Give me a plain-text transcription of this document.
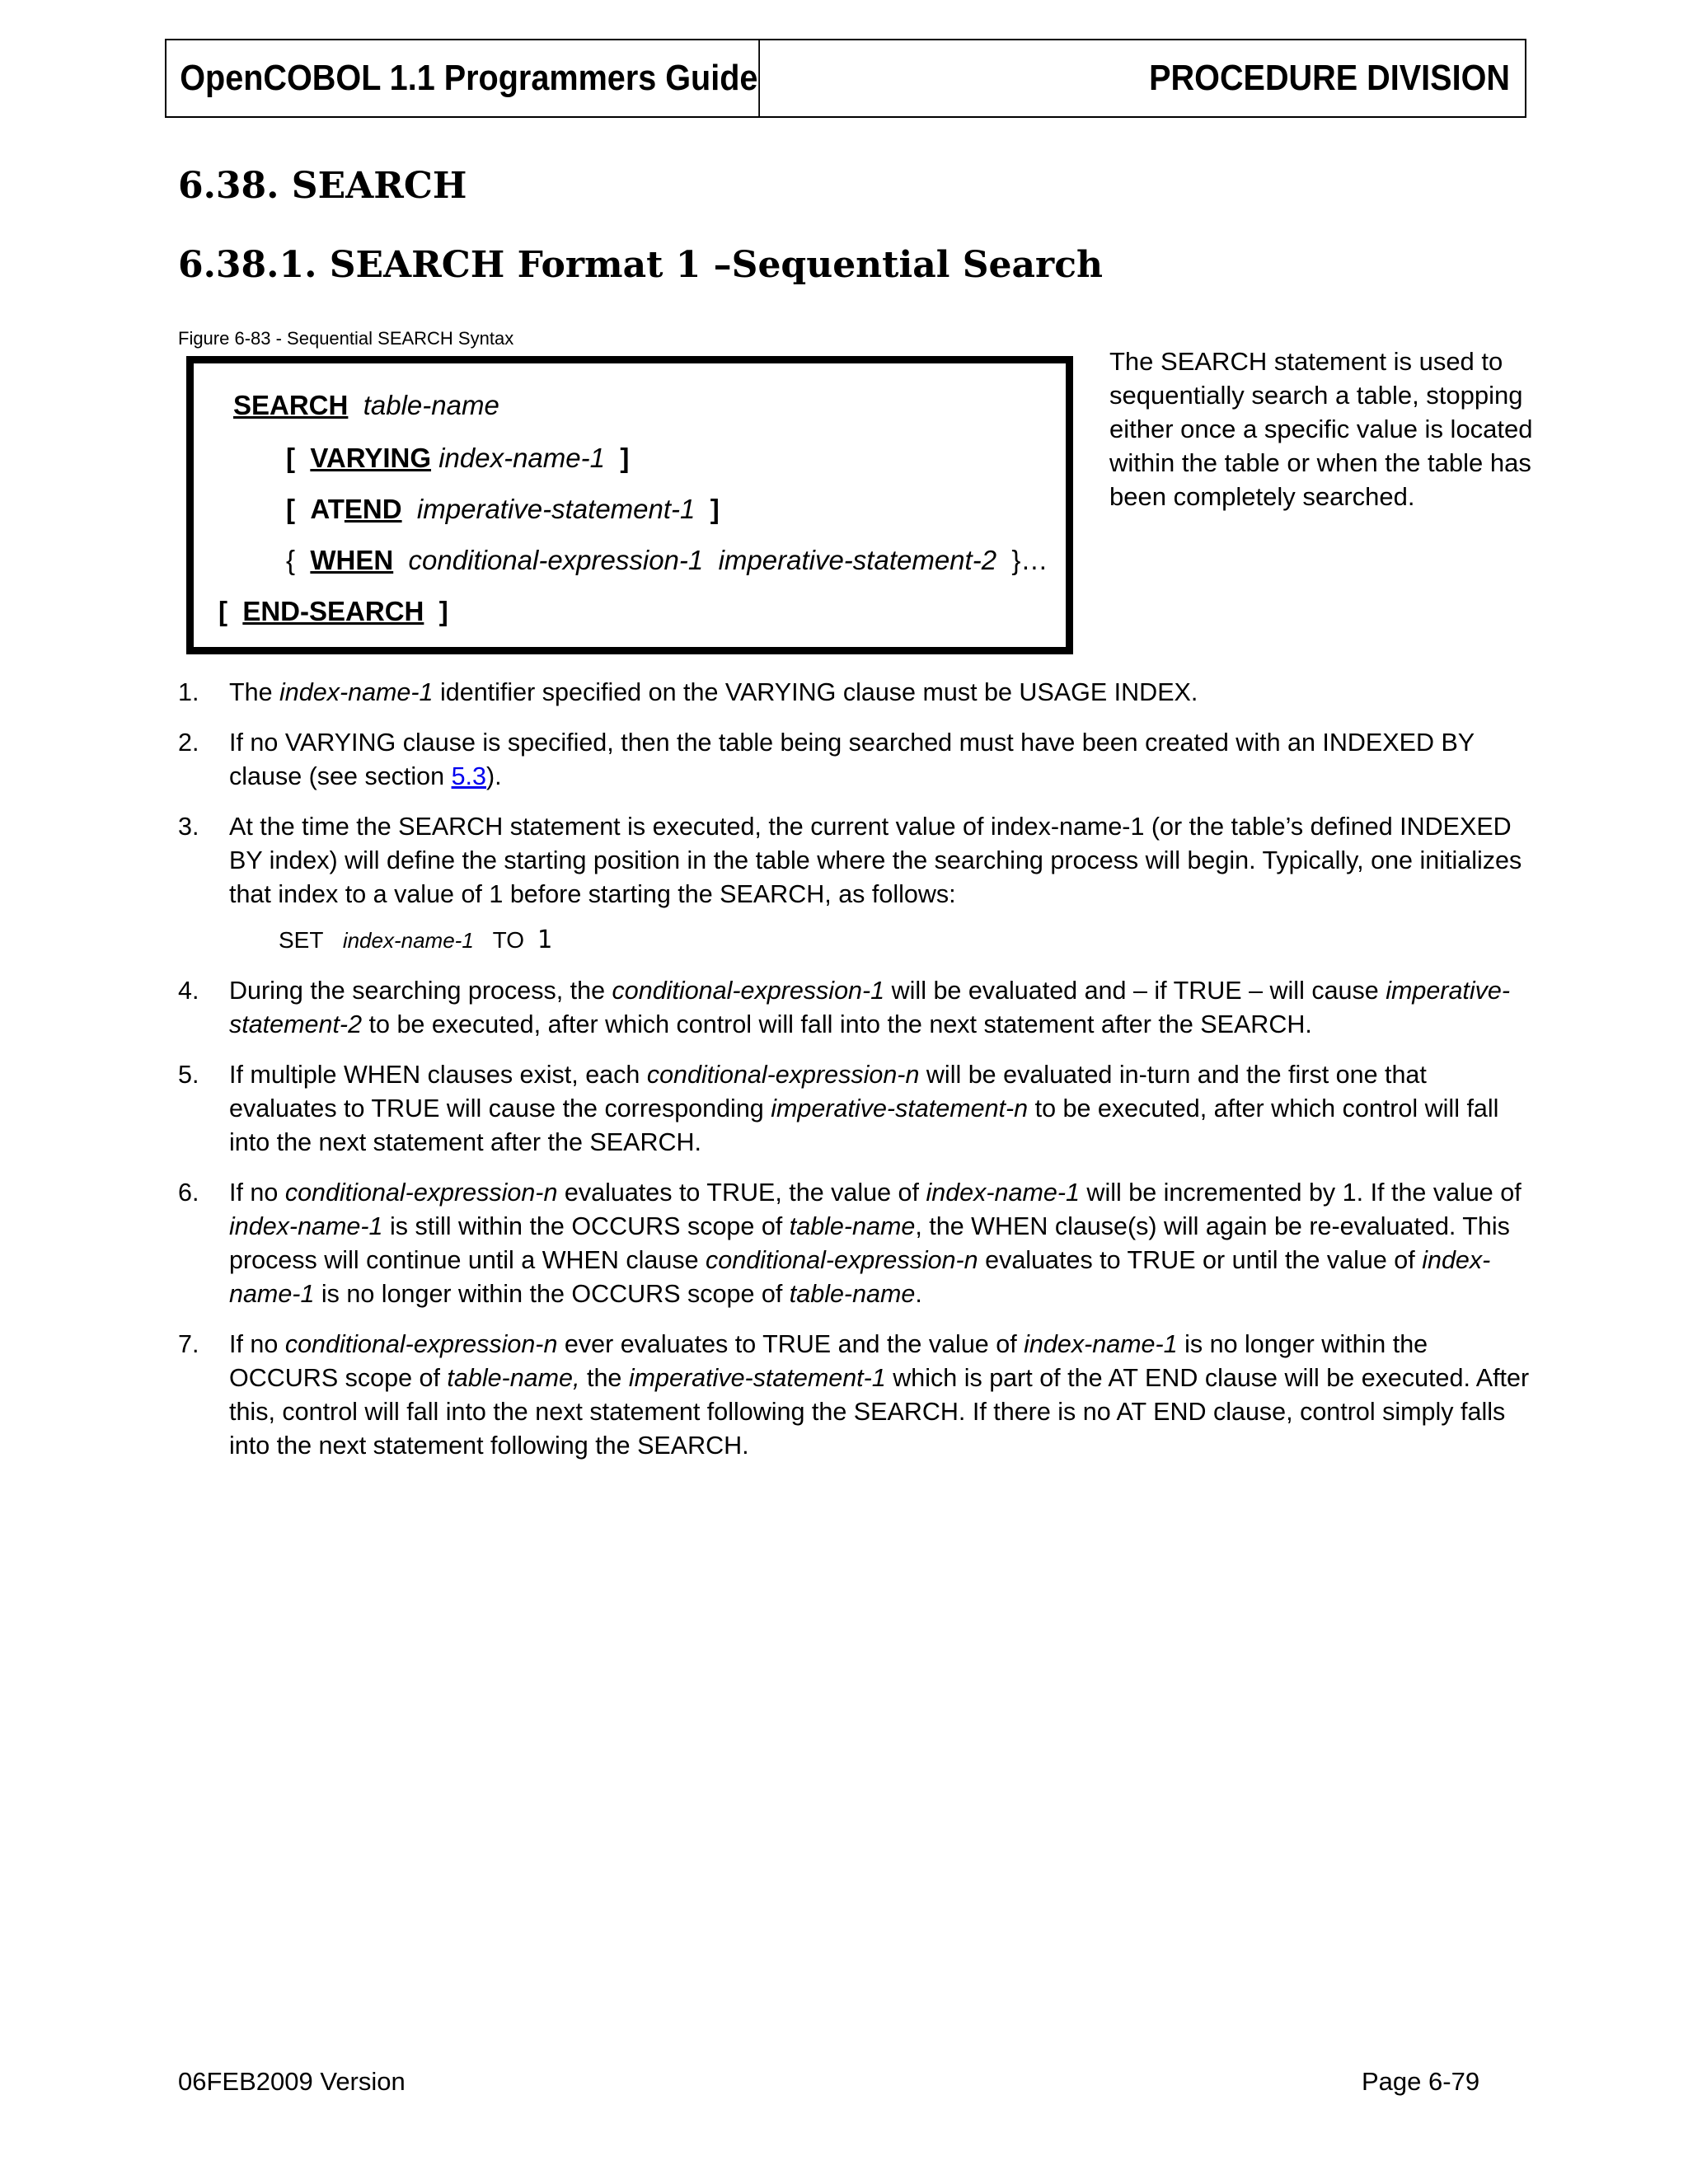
OpenCOBOL 1.1 Programmers Guide	PROCEDURE DIVISION
6.38. SEARCH
6.38.1. SEARCH Format 1 –Sequential Search
Figure 6-83 - Sequential SEARCH Syntax
SEARCH table-name
[ VARYING index-name-1 ]
[ ATEND imperative-statement-1 ]
{ WHEN conditional-expression-1  imperative-statement-2 }…
[ END-SEARCH ]

The SEARCH statement is used to sequentially search a table, stopping either once a specific value is located within the table or when the table has been completely searched.

1. The index-name-1 identifier specified on the VARYING clause must be USAGE INDEX.
2. If no VARYING clause is specified, then the table being searched must have been created with an INDEXED BY clause (see section 5.3).
3. At the time the SEARCH statement is executed, the current value of index-name-1 (or the table’s defined INDEXED BY index) will define the starting position in the table where the searching process will begin. Typically, one initializes that index to a value of 1 before starting the SEARCH, as follows:
SET index-name-1 TO 1
4. During the searching process, the conditional-expression-1 will be evaluated and – if TRUE – will cause imperative-statement-2 to be executed, after which control will fall into the next statement after the SEARCH.
5. If multiple WHEN clauses exist, each conditional-expression-n will be evaluated in-turn and the first one that evaluates to TRUE will cause the corresponding imperative-statement-n to be executed, after which control will fall into the next statement after the SEARCH.
6. If no conditional-expression-n evaluates to TRUE, the value of index-name-1 will be incremented by 1. If the value of index-name-1 is still within the OCCURS scope of table-name, the WHEN clause(s) will again be re-evaluated. This process will continue until a WHEN clause conditional-expression-n evaluates to TRUE or until the value of index-name-1 is no longer within the OCCURS scope of table-name.
7. If no conditional-expression-n ever evaluates to TRUE and the value of index-name-1 is no longer within the OCCURS scope of table-name, the imperative-statement-1 which is part of the AT END clause will be executed. After this, control will fall into the next statement following the SEARCH. If there is no AT END clause, control simply falls into the next statement following the SEARCH.
06FEB2009 Version	Page 6-79
